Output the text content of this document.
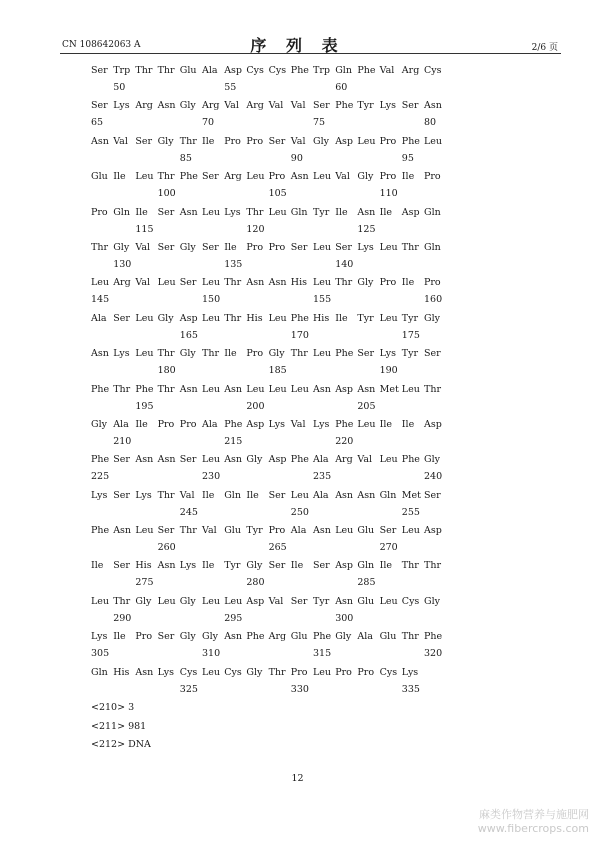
CN 108642063 A	序 列 表	2/6 页
Ser Trp Thr Thr Glu Ala Asp Cys Cys Phe Trp Gln Phe Val Arg Cys
50	55	60
Ser Lys Arg Asn Gly Arg Val Arg Val Val Ser Phe Tyr Lys Ser Asn
65	70	75	80
Asn Val Ser Gly Thr Ile Pro Pro Ser Val Gly Asp Leu Pro Phe Leu
85	90	95
Glu Ile Leu Thr Phe Ser Arg Leu Pro Asn Leu Val Gly Pro Ile Pro
100	105	110
Pro Gln Ile Ser Asn Leu Lys Thr Leu Gln Tyr Ile Asn Ile Asp Gln
115	120	125
Thr Gly Val Ser Gly Ser Ile Pro Pro Ser Leu Ser Lys Leu Thr Gln
130	135	140
Leu Arg Val Leu Ser Leu Thr Asn Asn His Leu Thr Gly Pro Ile Pro
145	150	155	160
Ala Ser Leu Gly Asp Leu Thr His Leu Phe His Ile Tyr Leu Tyr Gly
165	170	175
Asn Lys Leu Thr Gly Thr Ile Pro Gly Thr Leu Phe Ser Lys Tyr Ser
180	185	190
Phe Thr Phe Thr Asn Leu Asn Leu Leu Leu Asn Asp Asn Met Leu Thr
195	200	205
Gly Ala Ile Pro Pro Ala Phe Asp Lys Val Lys Phe Leu Ile Ile Asp
210	215	220
Phe Ser Asn Asn Ser Leu Asn Gly Asp Phe Ala Arg Val Leu Phe Gly
225	230	235	240
Lys Ser Lys Thr Val Ile Gln Ile Ser Leu Ala Asn Asn Gln Met Ser
245	250	255
Phe Asn Leu Ser Thr Val Glu Tyr Pro Ala Asn Leu Glu Ser Leu Asp
260	265	270
Ile Ser His Asn Lys Ile Tyr Gly Ser Ile Ser Asp Gln Ile Thr Thr
275	280	285
Leu Thr Gly Leu Gly Leu Leu Asp Val Ser Tyr Asn Glu Leu Cys Gly
290	295	300
Lys Ile Pro Ser Gly Gly Asn Phe Arg Glu Phe Gly Ala Glu Thr Phe
305	310	315	320
Gln His Asn Lys Cys Leu Cys Gly Thr Pro Leu Pro Pro Cys Lys
325	330	335
<210> 3
<211> 981
<212> DNA
12
麻类作物营养与施肥网
www.fibercrops.com
